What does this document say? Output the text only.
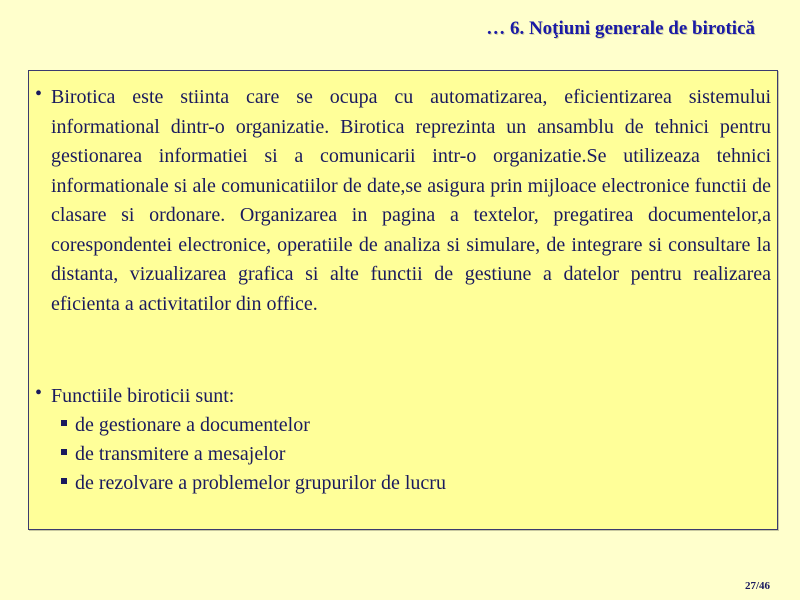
… 6. Noţiuni generale de birotică
• Birotica este stiinta care se ocupa cu automatizarea, eficientizarea sistemului informational dintr-o organizatie. Birotica reprezinta un ansamblu de tehnici pentru gestionarea informatiei si a comunicarii intr-o organizatie.Se utilizeaza tehnici informationale si ale comunicatiilor de date,se asigura prin mijloace electronice functii de clasare si ordonare. Organizarea in pagina a textelor, pregatirea documentelor,a corespondentei electronice, operatiile de analiza si simulare, de integrare si consultare la distanta, vizualizarea grafica si alte functii de gestiune a datelor pentru realizarea eficienta a activitatilor din office.
• Functiile biroticii sunt:
de gestionare a documentelor
de transmitere a mesajelor
de rezolvare a problemelor grupurilor de lucru
27/46
